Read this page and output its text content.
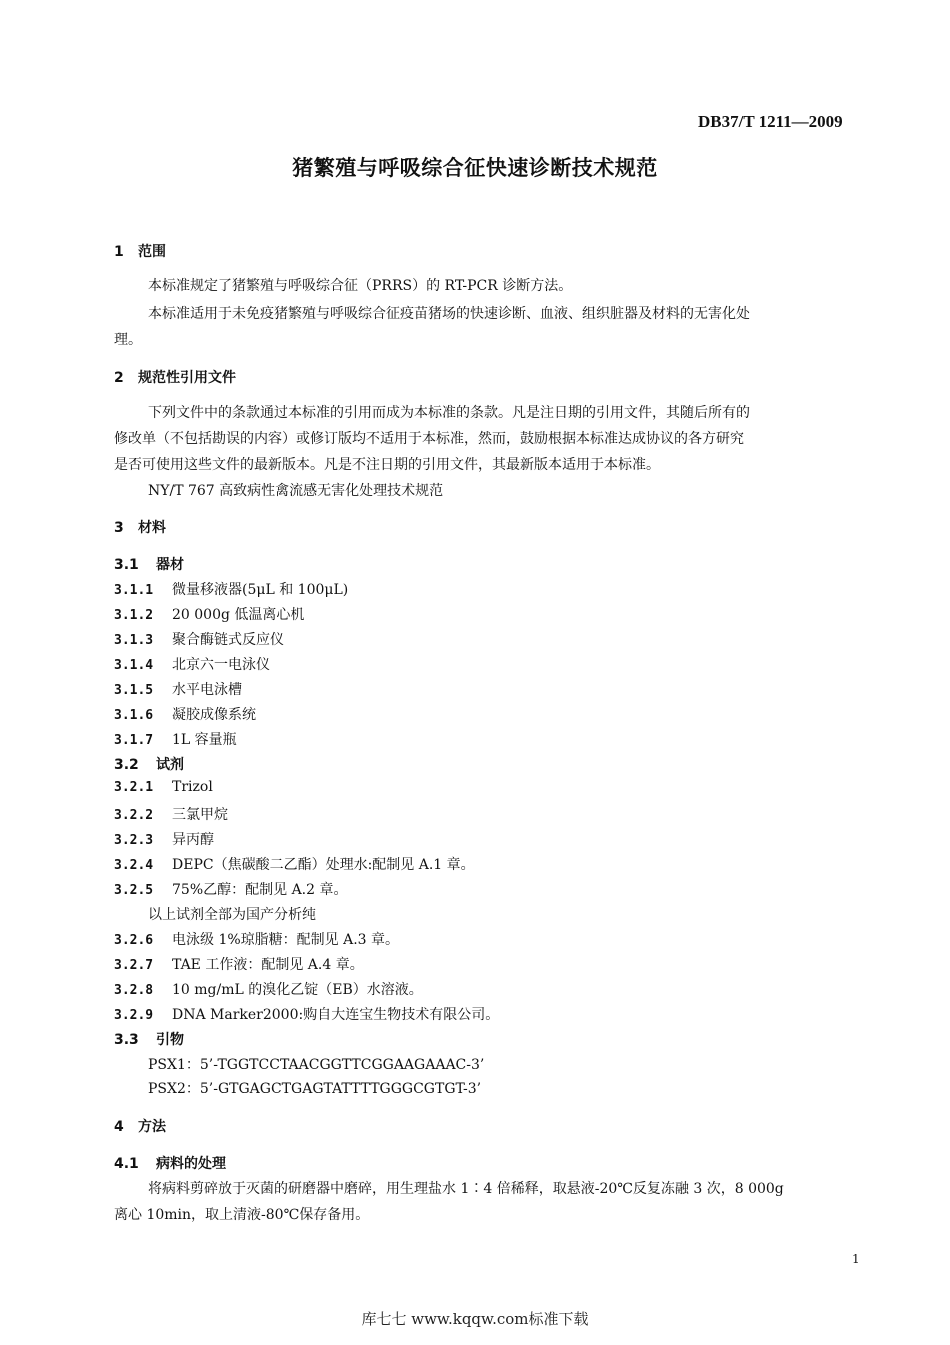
DB37/T 1211—2009
猪繁殖与呼吸综合征快速诊断技术规范
1 范围
本标准规定了猪繁殖与呼吸综合征（PRRS）的 RT-PCR 诊断方法。
本标准适用于未免疫猪繁殖与呼吸综合征疫苗猪场的快速诊断、血液、组织脏器及材料的无害化处
理。
2 规范性引用文件
下列文件中的条款通过本标准的引用而成为本标准的条款。凡是注日期的引用文件，其随后所有的
修改单（不包括勘误的内容）或修订版均不适用于本标准，然而，鼓励根据本标准达成协议的各方研究
是否可使用这些文件的最新版本。凡是不注日期的引用文件，其最新版本适用于本标准。
NY/T 767 高致病性禽流感无害化处理技术规范
3 材料
3.1 器材
3.1.1 微量移液器(5μL 和 100μL)
3.1.2 20 000g 低温离心机
3.1.3 聚合酶链式反应仪
3.1.4 北京六一电泳仪
3.1.5 水平电泳槽
3.1.6 凝胶成像系统
3.1.7 1L 容量瓶
3.2 试剂
3.2.1 Trizol
3.2.2 三氯甲烷
3.2.3 异丙醇
3.2.4 DEPC（焦碳酸二乙酯）处理水:配制见 A.1 章。
3.2.5 75%乙醇：配制见 A.2 章。
以上试剂全部为国产分析纯
3.2.6 电泳级 1%琼脂糖：配制见 A.3 章。
3.2.7 TAE 工作液：配制见 A.4 章。
3.2.8 10 mg/mL 的溴化乙锭（EB）水溶液。
3.2.9 DNA Marker2000:购自大连宝生物技术有限公司。
3.3 引物
PSX1：5’-TGGTCCTAACGGTTCGGAAGAAAC-3’
PSX2：5’-GTGAGCTGAGTATTTTGGGCGTGT-3’
4 方法
4.1 病料的处理
将病料剪碎放于灭菌的研磨器中磨碎，用生理盐水 1∶4 倍稀释，取悬液-20℃反复冻融 3 次，8 000g
离心 10min，取上清液-80℃保存备用。
1
库七七 www.kqqw.com标准下载
